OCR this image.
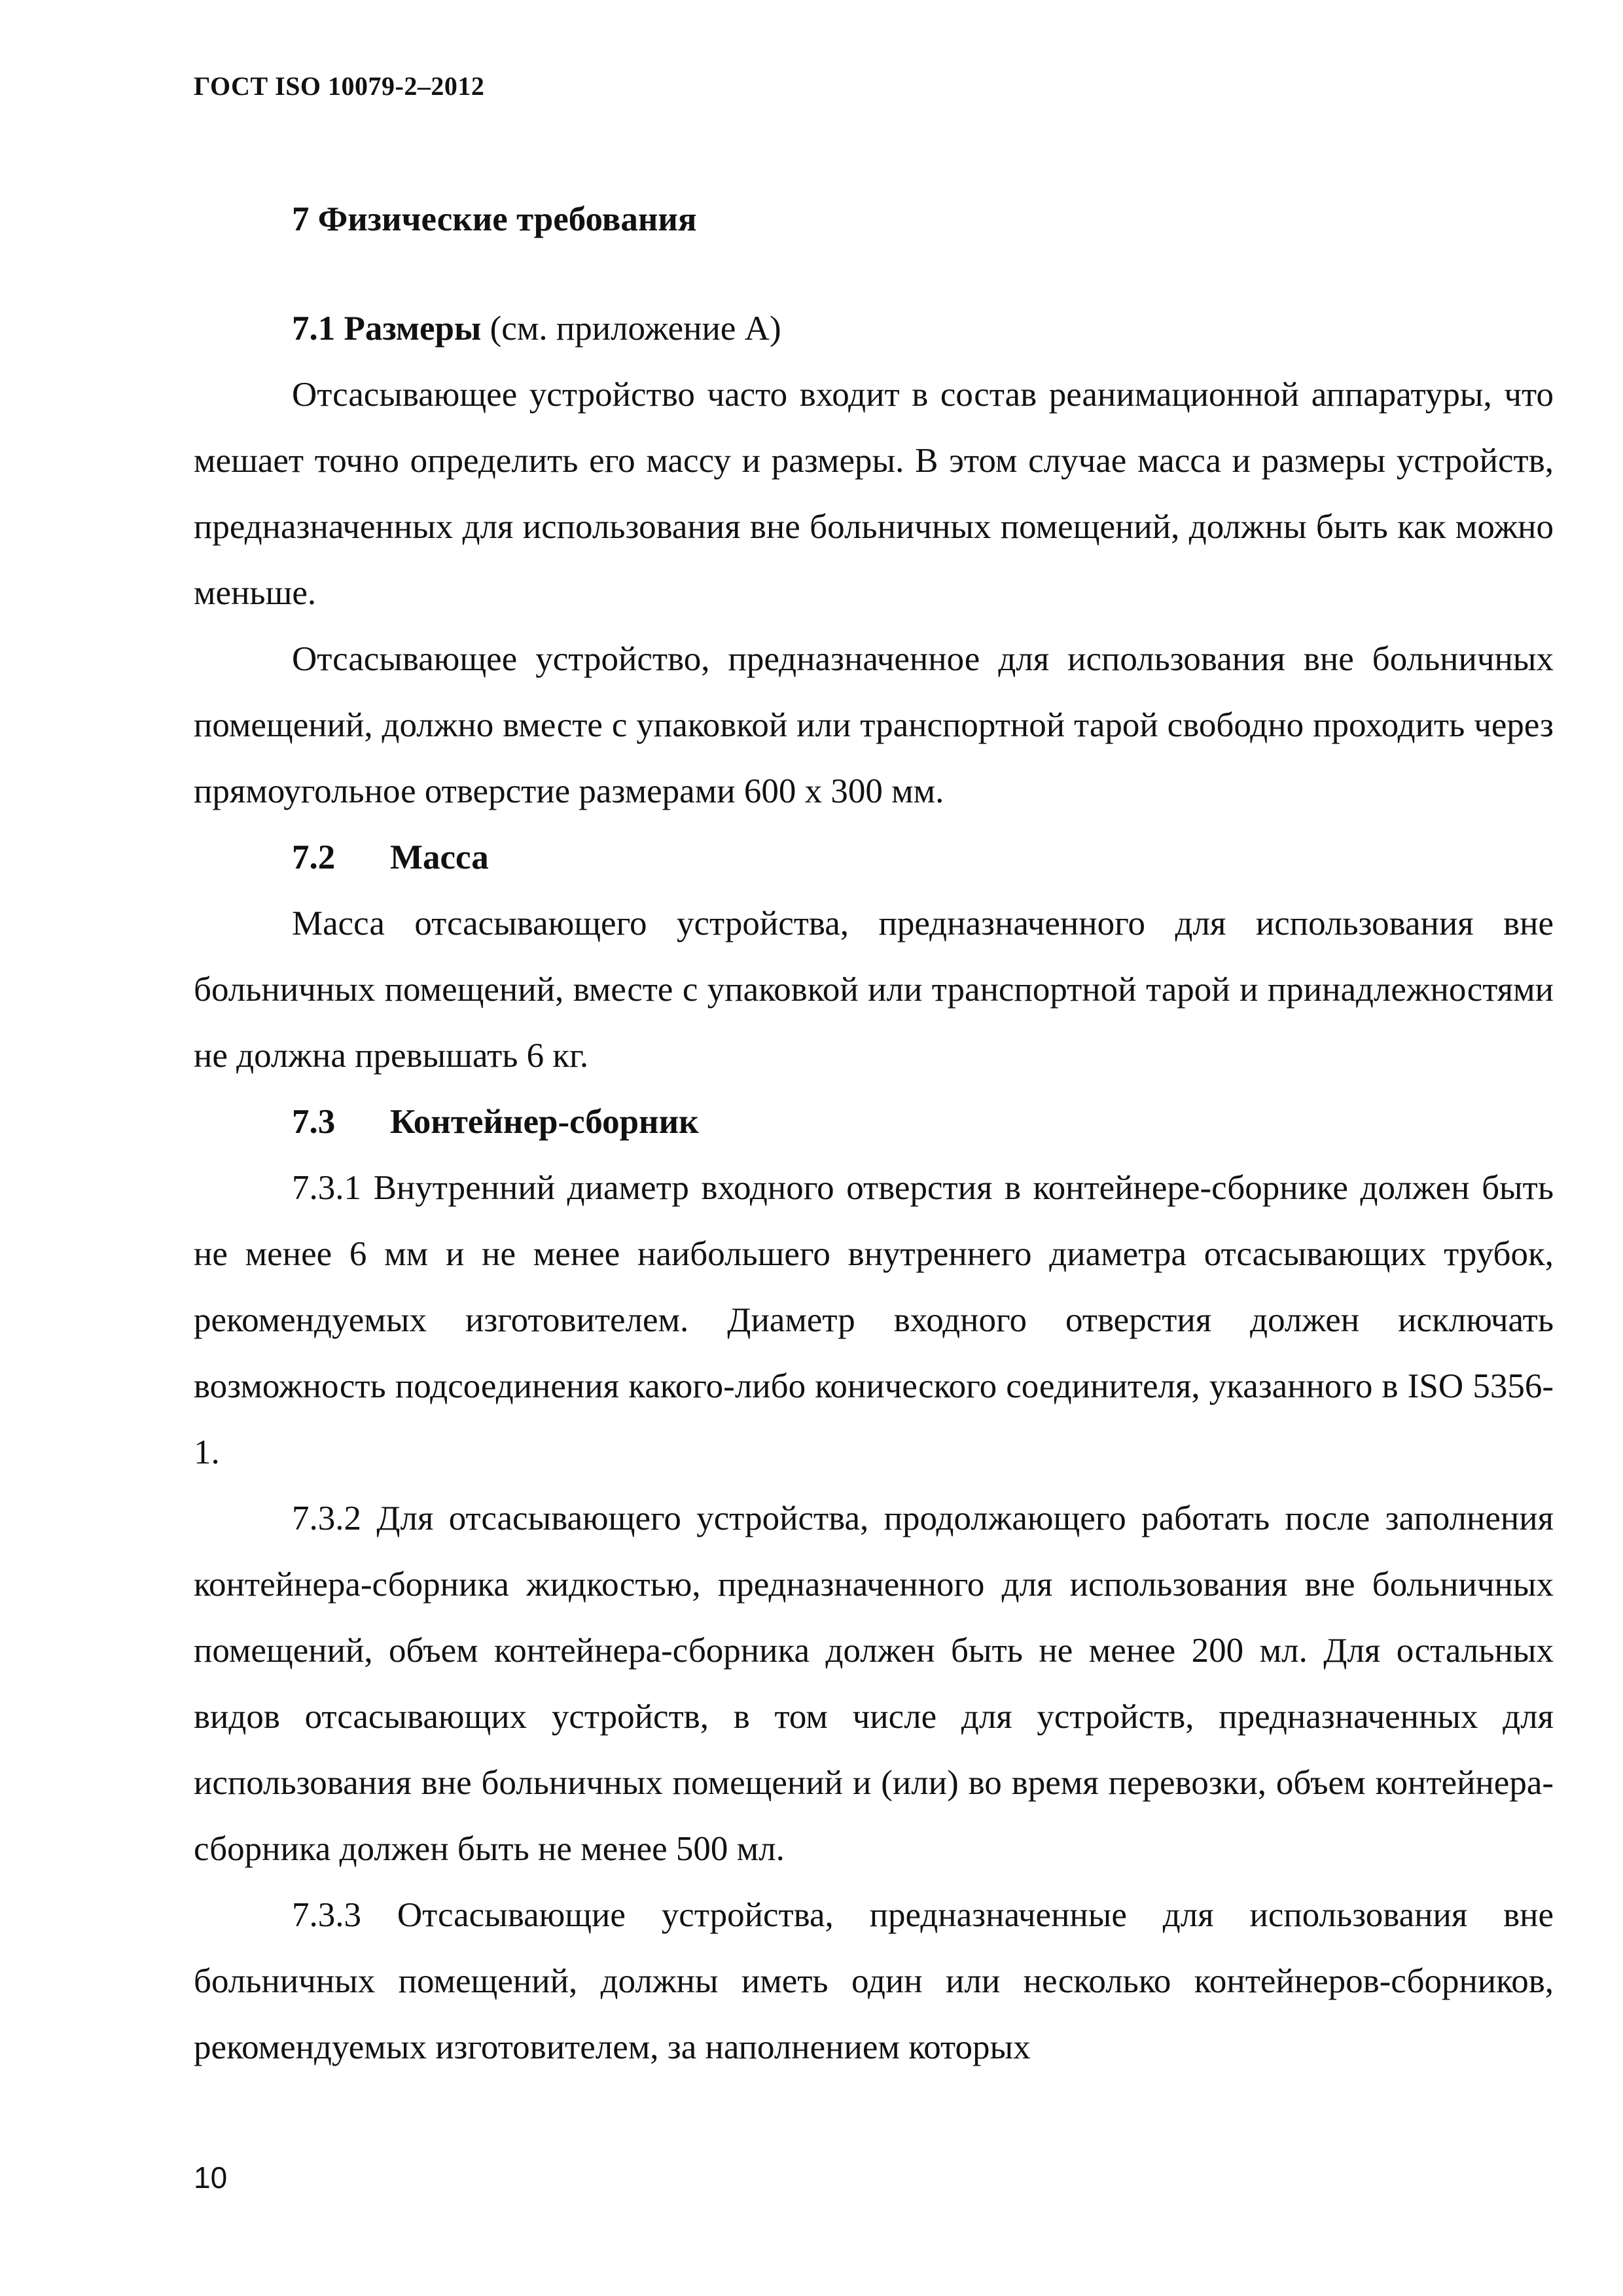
ГОСТ ISO 10079-2–2012
7 Физические требования
7.1 Размеры (см. приложение А)

Отсасывающее устройство часто входит в состав реанимационной аппаратуры, что мешает точно определить его массу и размеры. В этом случае масса и размеры устройств, предназначенных для использования вне больничных помещений, должны быть как можно меньше.

Отсасывающее устройство, предназначенное для использования вне больничных помещений, должно вместе с упаковкой или транспортной тарой свободно проходить через прямоугольное отверстие размерами 600 х 300 мм.

7.2	Масса

Масса отсасывающего устройства, предназначенного для использования вне больничных помещений, вместе с упаковкой или транспортной тарой и принадлежностями не должна превышать 6 кг.

7.3	Контейнер-сборник

7.3.1 Внутренний диаметр входного отверстия в контейнере-сборнике должен быть не менее 6 мм и не менее наибольшего внутреннего диаметра отсасывающих трубок, рекомендуемых изготовителем. Диаметр входного отверстия должен исключать возможность подсоединения какого-либо конического соединителя, указанного в ISO 5356-1.

7.3.2 Для отсасывающего устройства, продолжающего работать после заполнения контейнера-сборника жидкостью, предназначенного для использования вне больничных помещений, объем контейнера-сборника должен быть не менее 200 мл. Для остальных видов отсасывающих устройств, в том числе для устройств, предназначенных для использования вне больничных помещений и (или) во время перевозки, объем контейнера-сборника должен быть не менее 500 мл.

7.3.3 Отсасывающие устройства, предназначенные для использования вне больничных помещений, должны иметь один или несколько контейнеров-сборников, рекомендуемых изготовителем, за наполнением которых

10
